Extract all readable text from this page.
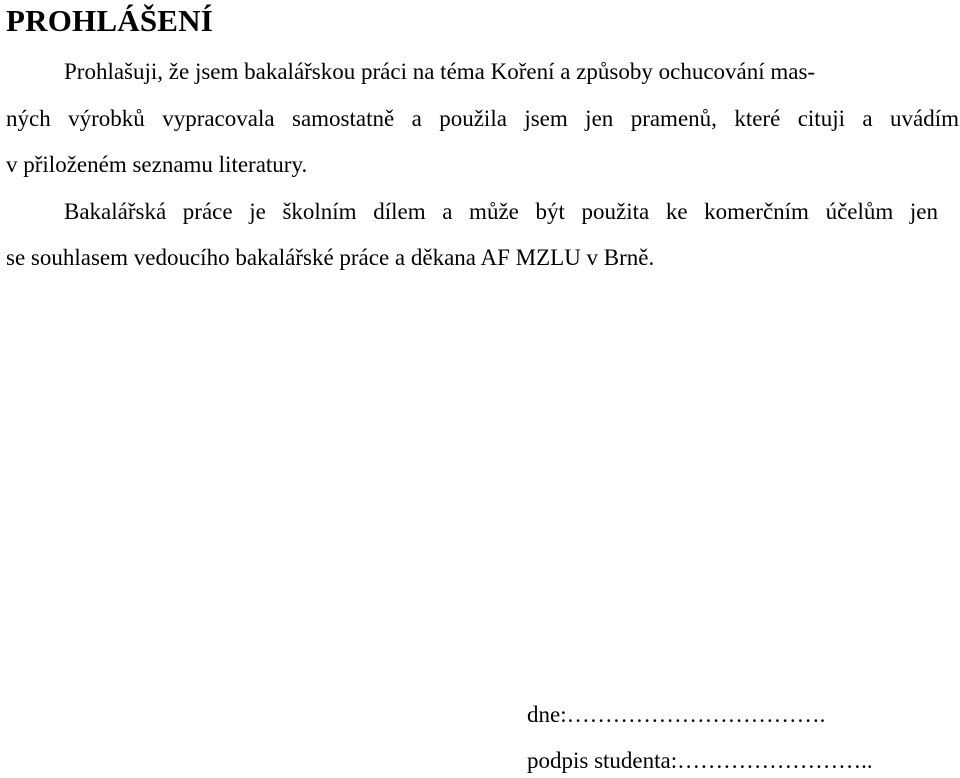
PROHLÁŠENÍ
Prohlašuji, že jsem bakalářskou práci na téma Koření a způsoby ochucování mas-
ných výrobků vypracovala samostatně a použila jsem jen pramenů, které cituji a uvádím
v přiloženém seznamu literatury.
Bakalářská práce je školním dílem a může být použita ke komerčním účelům jen
se souhlasem vedoucího bakalářské práce a děkana AF MZLU v Brně.
dne:…………………………….
podpis studenta:……………………..
